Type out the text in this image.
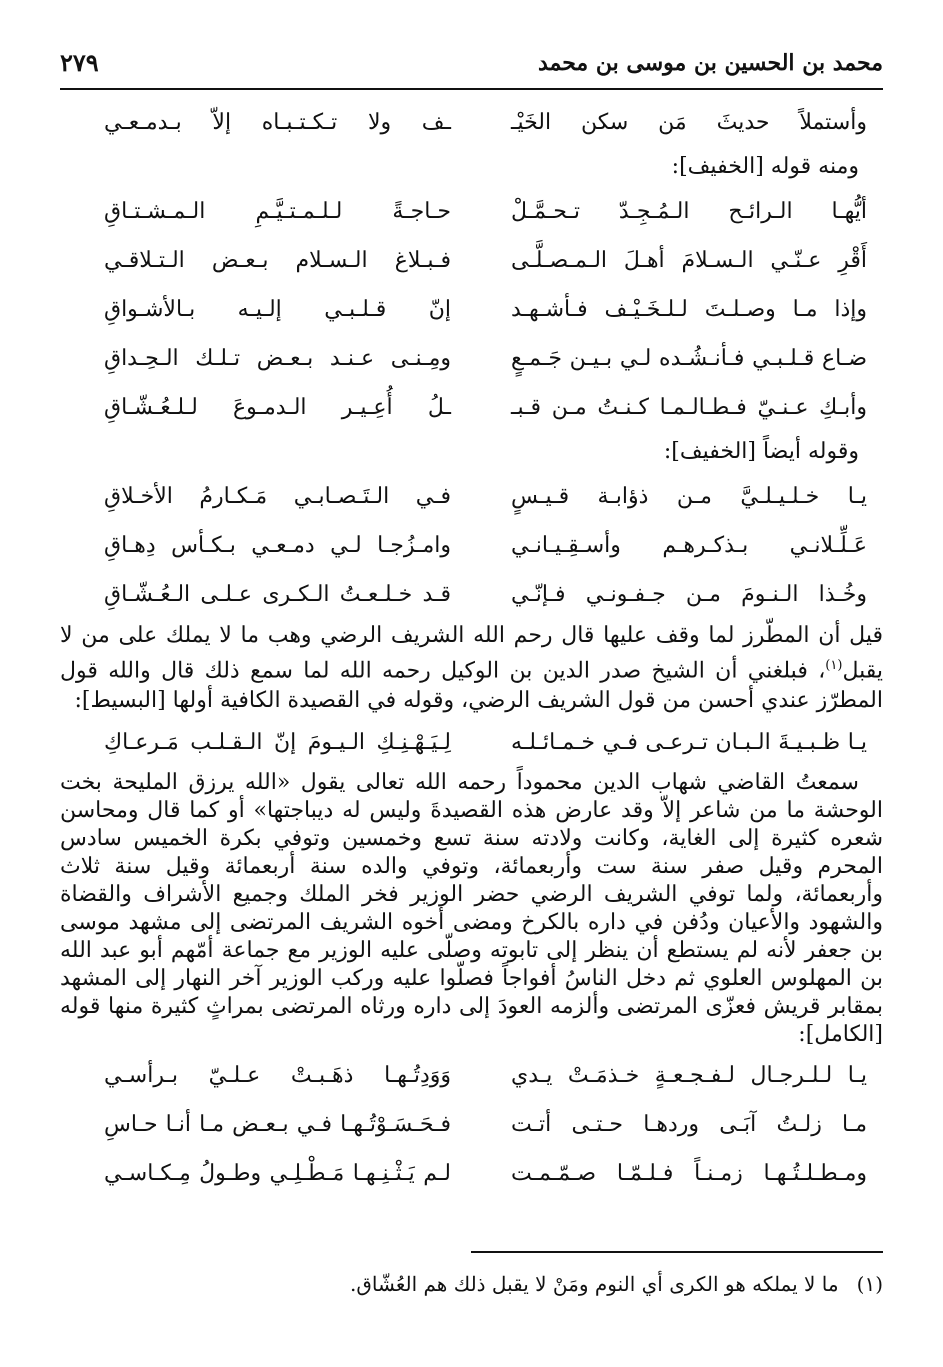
محمد بن الحسين بن موسى بن محمد
٢٧٩
وأستملاً حديثَ مَن سكن الخَيْـ
ـف ولا تـكـتـبـاه إلاّ بـدمـعـي
ومنه قوله [الخفيف]:
أيُّهـا الـرائـح الـمُـجِـدّ تـحـمَّـلْ
حـاجـةً لـلـمـتـيَّـمِ الـمـشـتـاقِ
أَقْرِ عـنّـي الـسـلامَ أهـلَ الـمـصـلَّـى
فـبـلاغ الـسـلام بـعـض الـتـلاقـي
وإذا مـا وصـلـتَ لـلـخَـيْـف فـأشـهـد
إنّ قـلـبـي إلـيـه بـالأشـواقِ
ضـاع قـلـبـي فـأنـشُـده لـي بـيـن جَـمـعٍ
ومِـنـى عـنـد بـعـض تـلـك الـحِـداقِ
وأبـكِ عـنـيّ فـطـالـمـا كـنـتُ مـن قـبـ
ـلُ أُعِـيـر الـدمـوعَ لـلـعُـشّـاقِ
وقوله أيضاً [الخفيف]:
يـا خـلـيـلـيَّ مـن ذؤابـة قـيـسٍ
فـي الـتَـصـابـي مَـكـارمُ الأخـلاقِ
عَـلِّـلانـي بـذكـرهـم وأسـقِـيـانـي
وامـزُجـا لـي دمـعـي بـكـأس دِهـاقِ
وخُـذا الـنـومَ مـن جـفـونـي فـإنّـي
قـد خـلـعـتُ الـكـرى عـلـى الـعُـشّـاقِ

قيل أن المطّرز لما وقف عليها قال رحم الله الشريف الرضي وهب ما لا يملك على من لا يقبل$^{(١)}$، فبلغني أن الشيخ صدر الدين بن الوكيل رحمه الله لما سمع ذلك قال والله قول المطرّز عندي أحسن من قول الشريف الرضي، وقوله في القصيدة الكافية أولها [البسيط]:

يـا ظـبـيـةَ الـبـان تـرعـى فـي خـمـائـلـه
لِـيَـهْـنِـكِ الـيـومَ إنّ الـقـلـب مَـرعـاكِ

سمعتُ القاضي شهاب الدين محموداً رحمه الله تعالى يقول «الله يرزق المليحة بخت الوحشة ما من شاعر إلاّ وقد عارض هذه القصيدةَ وليس له ديباجتها» أو كما قال ومحاسن شعره كثيرة إلى الغاية، وكانت ولادته سنة تسع وخمسين وتوفي بكرة الخميس سادس المحرم وقيل صفر سنة ست وأربعمائة، وتوفي والده سنة أربعمائة وقيل سنة ثلاث وأربعمائة، ولما توفي الشريف الرضي حضر الوزير فخر الملك وجميع الأشراف والقضاة والشهود والأعيان ودُفن في داره بالكرخ ومضى أخوه الشريف المرتضى إلى مشهد موسى بن جعفر لأنه لم يستطع أن ينظر إلى تابوته وصلّى عليه الوزير مع جماعة أمّهم أبو عبد الله بن المهلوس العلوي ثم دخل الناسُ أفواجاً فصلّوا عليه وركب الوزير آخر النهار إلى المشهد بمقابر قريش فعزّى المرتضى وألزمه العودَ إلى داره ورثاه المرتضى بمراثٍ كثيرة منها قوله [الكامل]:

يـا لـلـرجـال لـفـجـعـةٍ خـذمَـتْ يـدي
وَوَدِتُـهـا ذهَـبـتْ عـلـيّ بـرأسـي
مـا زلـتُ آبَـى وردهـا حـتـى أتـت
فـحَـسَـوْتُـهـا فـي بـعـض مـا أنـا حـاسِ
ومـطـلـتُـهـا زمـنـاً فـلـمّـا صـمّـمـت
لـم يَـثْـنِـهـا مَـطْـلِـي وطـولُ مِـكـاسـي
(١)ما لا يملكه هو الكرى أي النوم ومَنْ لا يقبل ذلك هم العُشّاق.
